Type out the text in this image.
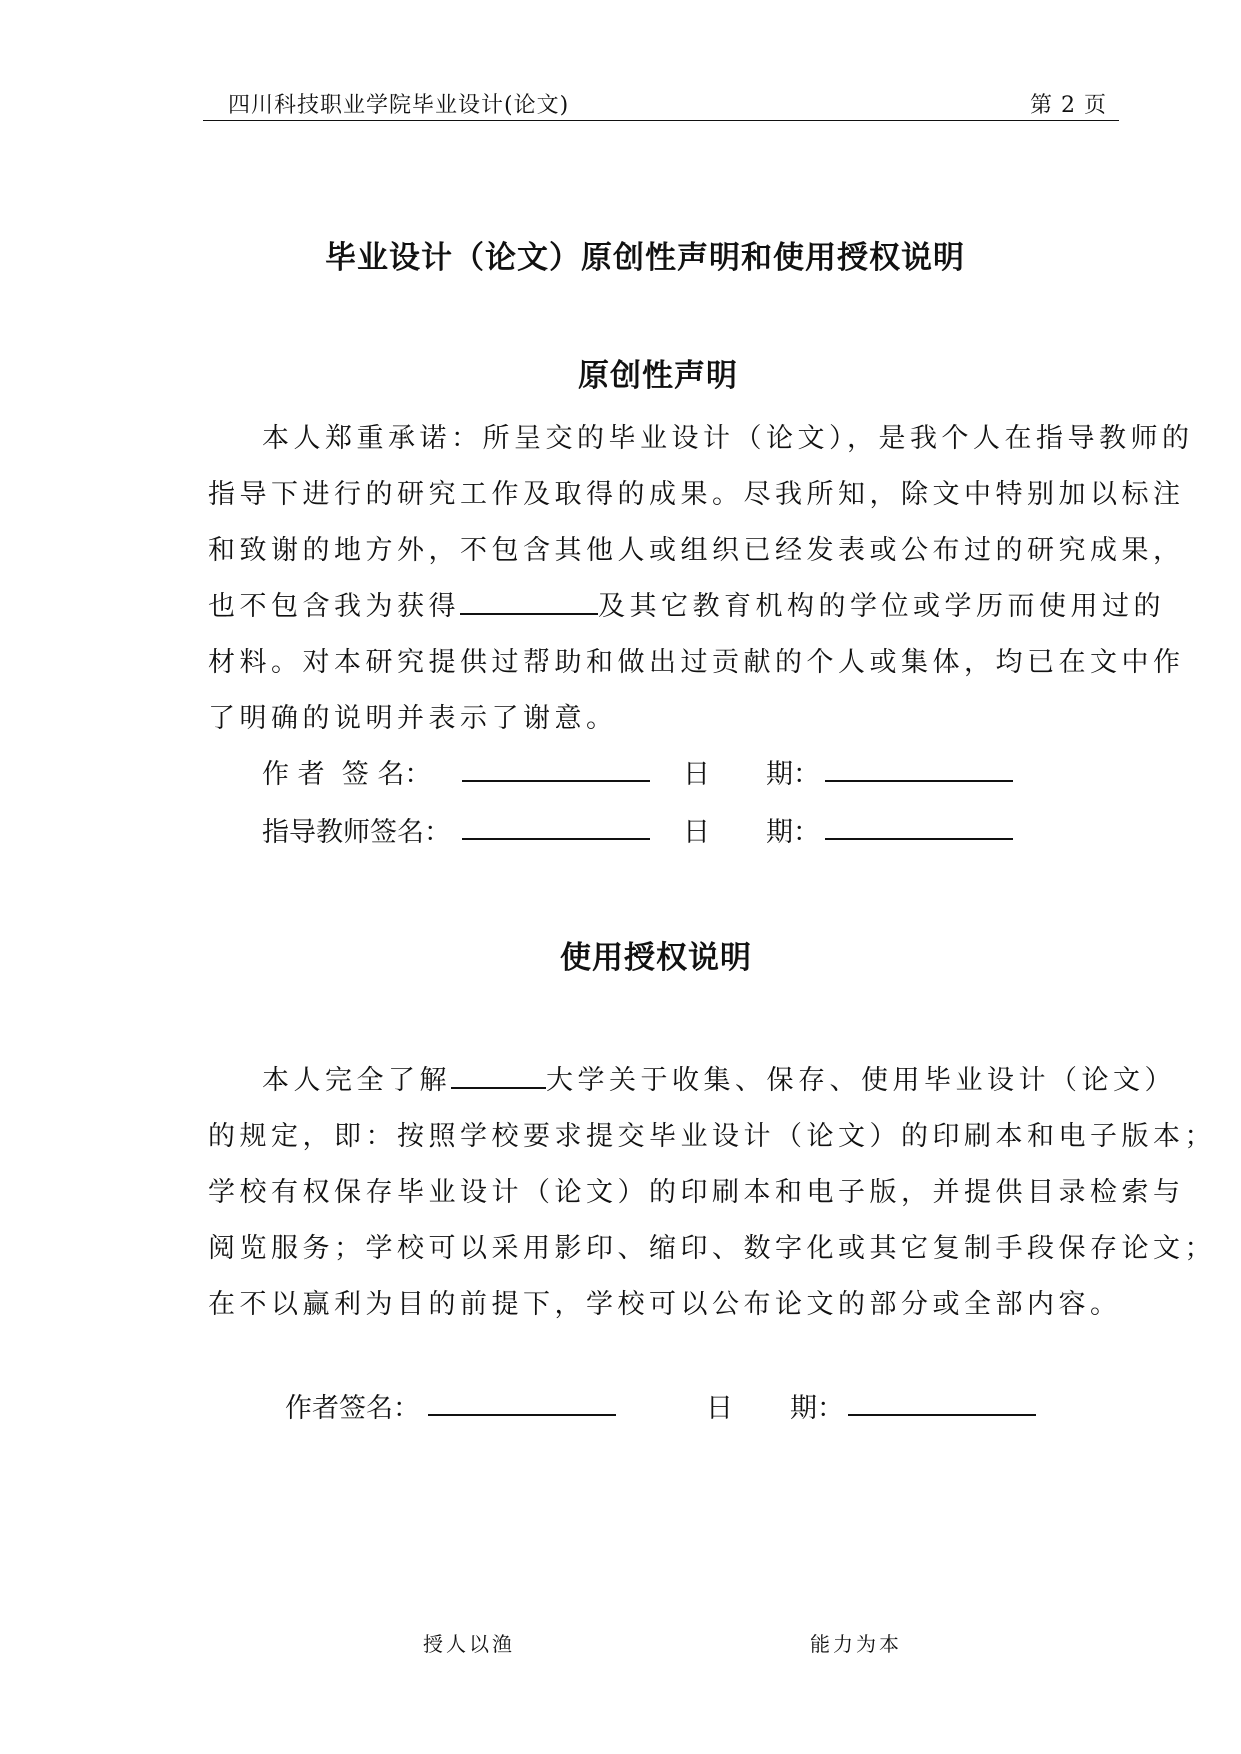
四川科技职业学院毕业设计(论文)	第 2 页
毕业设计（论文）原创性声明和使用授权说明
原创性声明
本人郑重承诺：所呈交的毕业设计（论文），是我个人在指导教师的
指导下进行的研究工作及取得的成果。尽我所知，除文中特别加以标注
和致谢的地方外，不包含其他人或组织已经发表或公布过的研究成果，
也不包含我为获得	及其它教育机构的学位或学历而使用过的
材料。对本研究提供过帮助和做出过贡献的个人或集体，均已在文中作
了明确的说明并表示了谢意。
作 者  签 名：	日 期：
指导教师签名：	日 期：
使用授权说明
本人完全了解	大学关于收集、保存、使用毕业设计（论文）
的规定，即：按照学校要求提交毕业设计（论文）的印刷本和电子版本；
学校有权保存毕业设计（论文）的印刷本和电子版，并提供目录检索与
阅览服务；学校可以采用影印、缩印、数字化或其它复制手段保存论文；
在不以赢利为目的前提下，学校可以公布论文的部分或全部内容。
作者签名：	日 期：
授人以渔	能力为本
